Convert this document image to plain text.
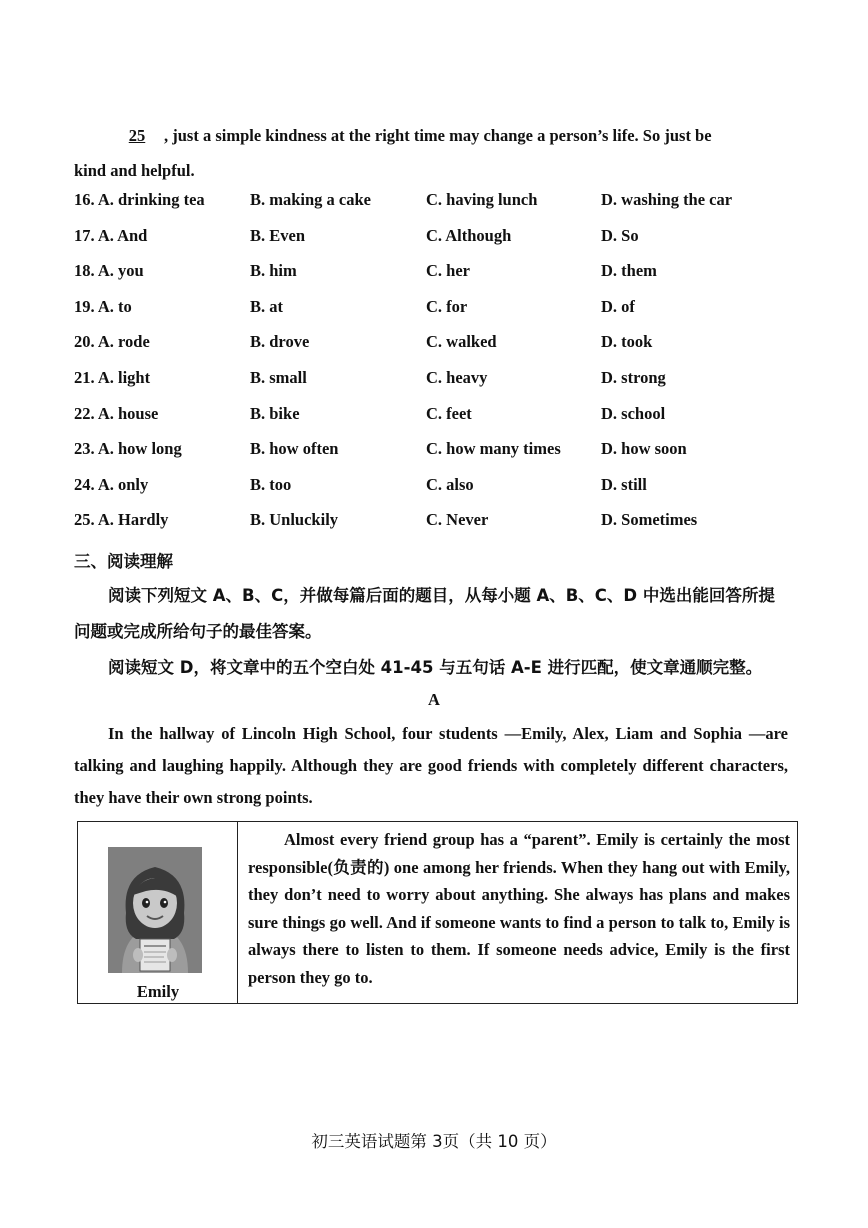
25 , just a simple kindness at the right time may change a person’s life. So just be
kind and helpful.
16. A. drinking tea	B. making a cake	C. having lunch	D. washing the car
17. A. And	B. Even	C. Although	D. So
18. A. you	B. him	C. her	D. them
19. A. to	B. at	C. for	D. of
20. A. rode	B. drove	C. walked	D. took
21. A. light	B. small	C. heavy	D. strong
22. A. house	B. bike	C. feet	D. school
23. A. how long	B. how often	C. how many times D. how soon
24. A. only	B. too	C. also	D. still
25. A. Hardly	B. Unluckily	C. Never	D. Sometimes
三、阅读理解
阅读下列短文 A、B、C，并做每篇后面的题目，从每小题 A、B、C、D 中选出能回答所提问题或完成所给句子的最佳答案。
阅读短文 D，将文章中的五个空白处 41-45 与五句话 A-E 进行匹配，使文章通顺完整。
A
In the hallway of Lincoln High School, four students —Emily, Alex, Liam and Sophia —are talking and laughing happily. Although they are good friends with completely different characters, they have their own strong points.
Emily
Almost every friend group has a “parent”. Emily is certainly the most responsible(负责的) one among her friends. When they hang out with Emily, they don’t need to worry about anything. She always has plans and makes sure things go well. And if someone wants to find a person to talk to, Emily is always there to listen to them. If someone needs advice, Emily is the first person they go to.
初三英语试题第 3页（共 10 页）
